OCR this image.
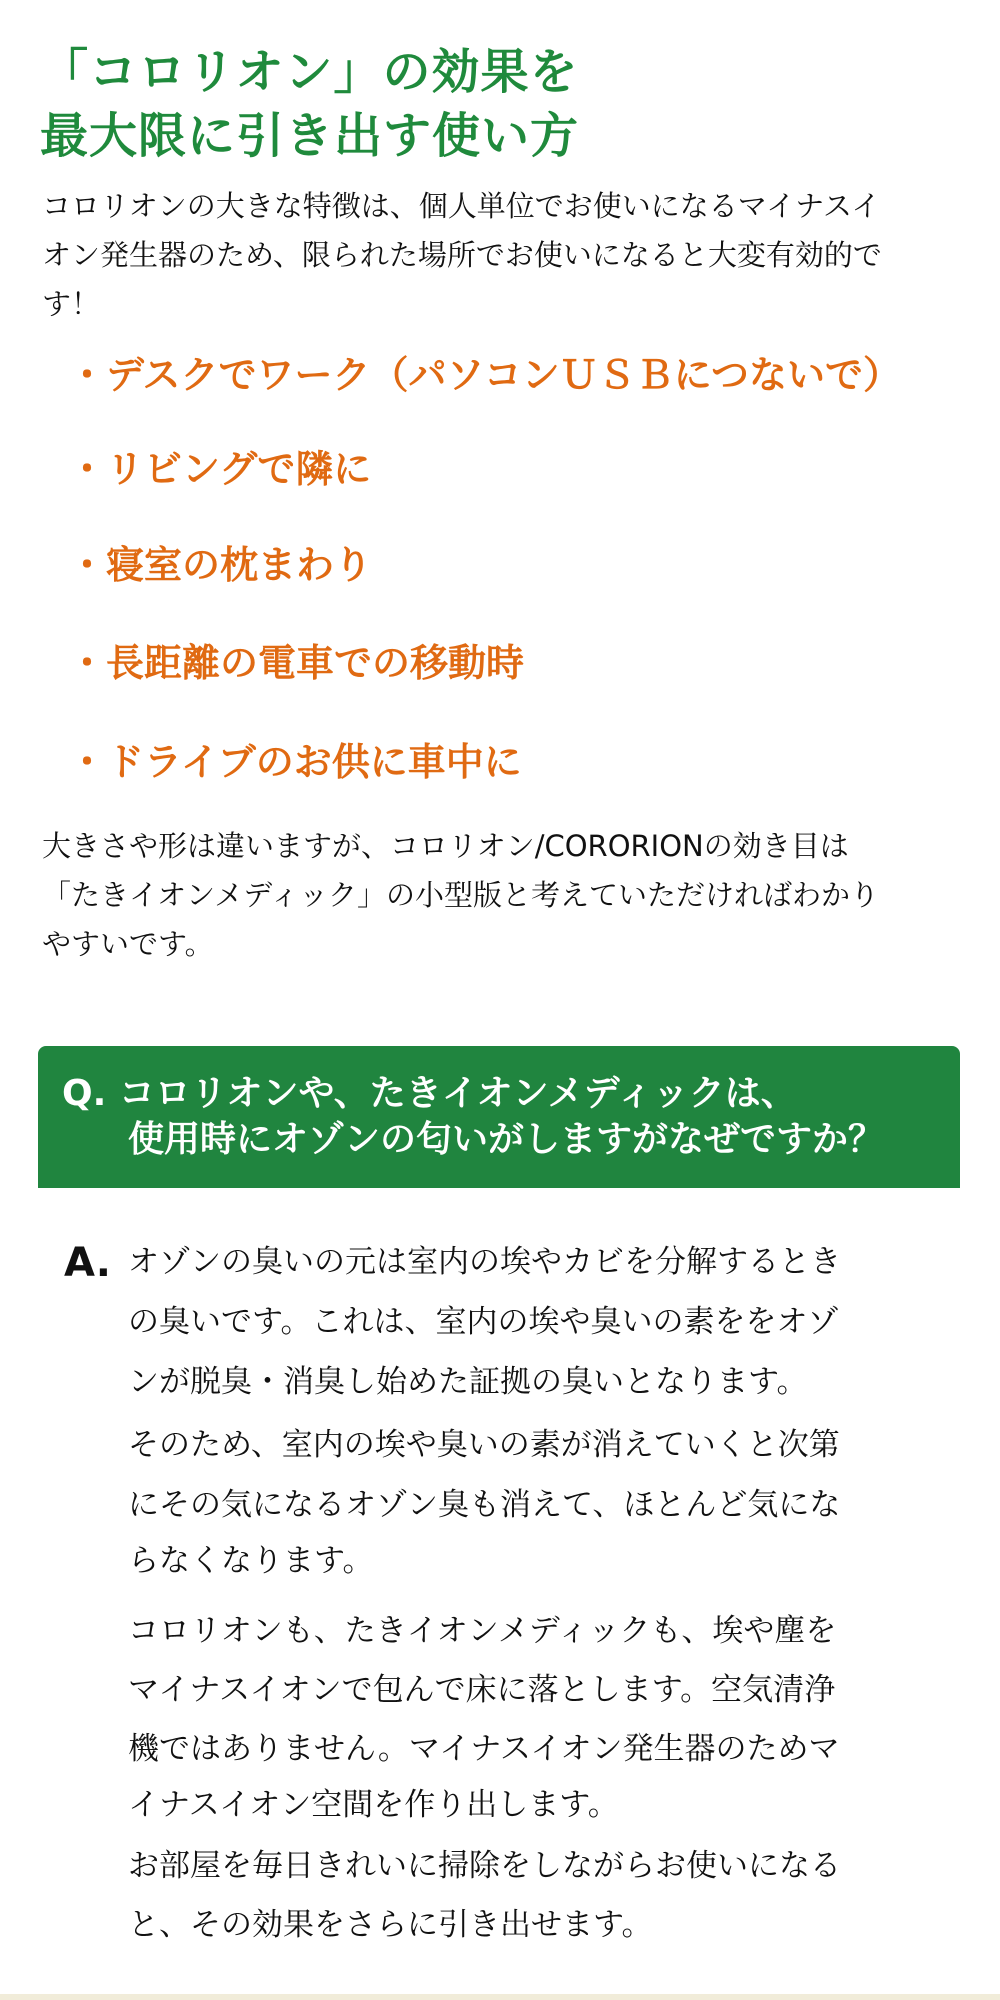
「コロリオン」の効果を
最大限に引き出す使い方
コロリオンの大きな特徴は、個人単位でお使いになるマイナスイ
オン発生器のため、限られた場所でお使いになると大変有効的で
す！
・デスクでワーク（パソコンＵＳＢにつないで）
・リビングで隣に
・寝室の枕まわり
・長距離の電車での移動時
・ドライブのお供に車中に
大きさや形は違いますが、コロリオン/CORORIONの効き目は
「たきイオンメディック」の小型版と考えていただければわかり
やすいです。
Q. コロリオンや、たきイオンメディックは、
使用時にオゾンの匂いがしますがなぜですか？
A. オゾンの臭いの元は室内の埃やカビを分解するとき
の臭いです。これは、室内の埃や臭いの素ををオゾ
ンが脱臭・消臭し始めた証拠の臭いとなります。
そのため、室内の埃や臭いの素が消えていくと次第
にその気になるオゾン臭も消えて、ほとんど気にな
らなくなります。
コロリオンも、たきイオンメディックも、埃や塵を
マイナスイオンで包んで床に落とします。空気清浄
機ではありません。マイナスイオン発生器のためマ
イナスイオン空間を作り出します。
お部屋を毎日きれいに掃除をしながらお使いになる
と、その効果をさらに引き出せます。
